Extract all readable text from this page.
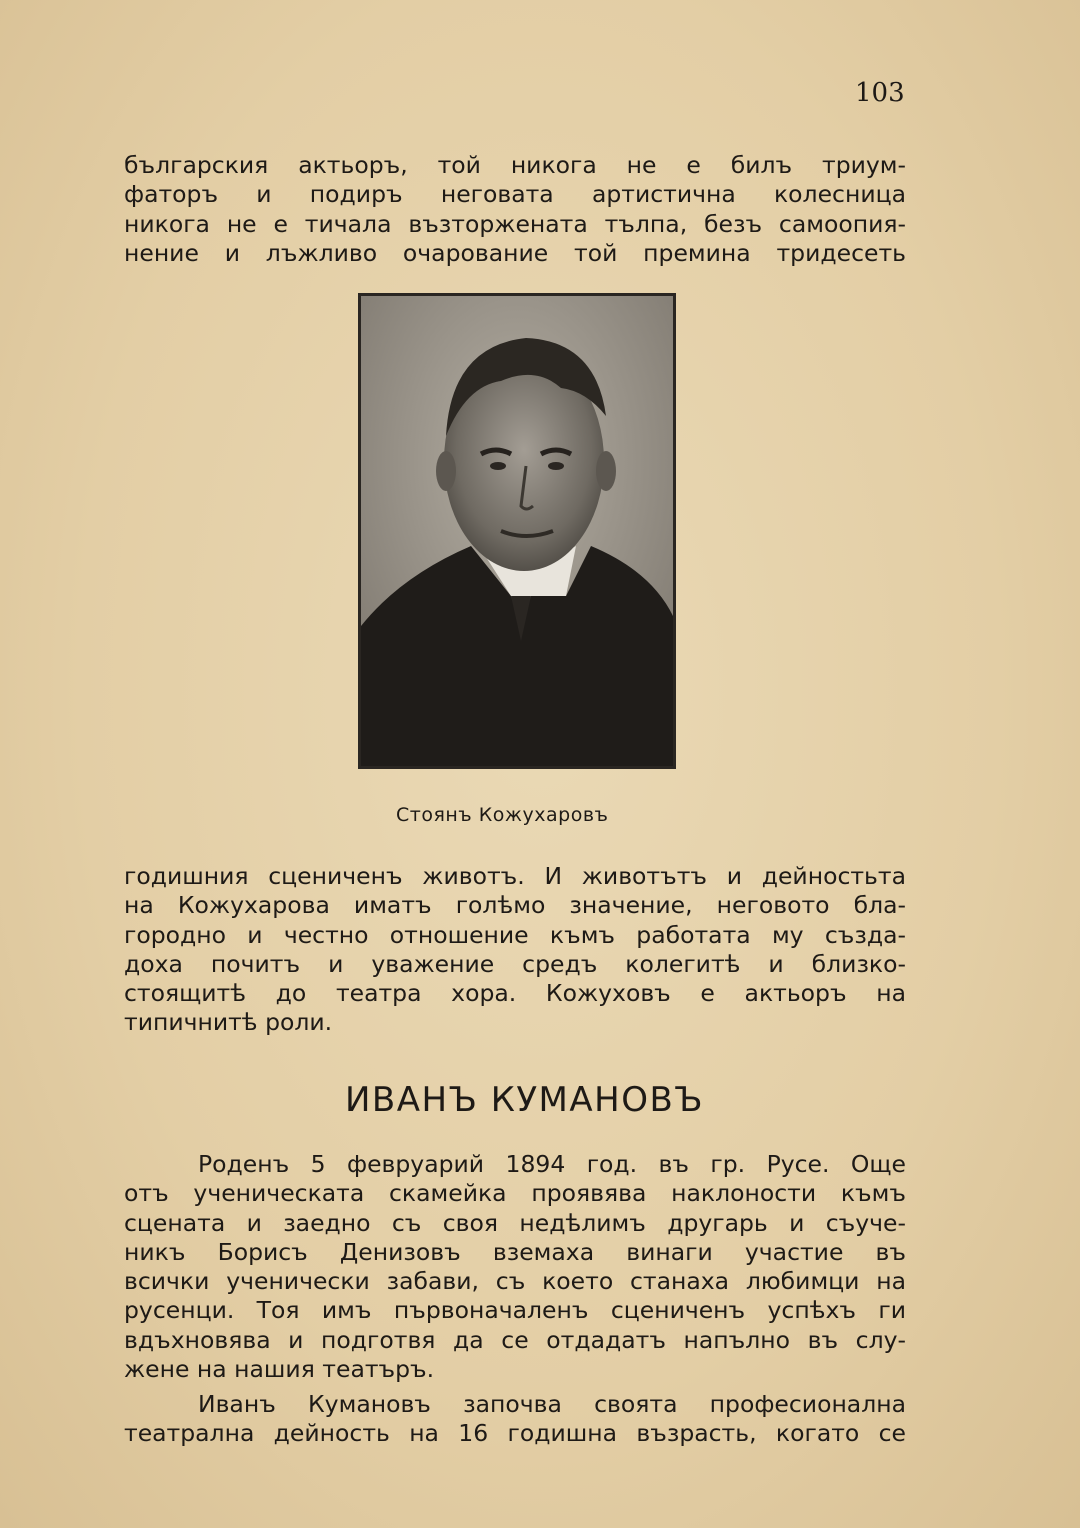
103

българския актьоръ, той никога не е билъ триум-
фаторъ и подиръ неговата артистична колесница
никога не е тичала възторжената тълпа, безъ самоопия-
нение и лъжливо очарование той премина тридесеть

Стоянъ Кожухаровъ

годишния сцениченъ животъ. И животътъ и дейностьта
на Кожухарова иматъ голѣмо значение, неговото бла-
городно и честно отношение къмъ работата му създа-
доха почитъ и уважение средъ колегитѣ и близко-
стоящитѣ до театра хора. Кожуховъ е актьоръ на
типичнитѣ роли.

ИВАНЪ КУМАНОВЪ

Роденъ 5 февруарий 1894 год. въ гр. Русе. Още
отъ ученическата скамейка проявява наклоности къмъ
сцената и заедно съ своя недѣлимъ другарь и съуче-
никъ Борисъ Денизовъ вземаха винаги участие въ
всички ученически забави, съ което станаха любимци на
русенци. Тоя имъ първоначаленъ сцениченъ успѣхъ ги
вдъхновява и подготвя да се отдадатъ напълно въ слу-
жене на нашия театъръ.

Иванъ Кумановъ започва своята професионална
театрална дейность на 16 годишна възрасть, когато се
